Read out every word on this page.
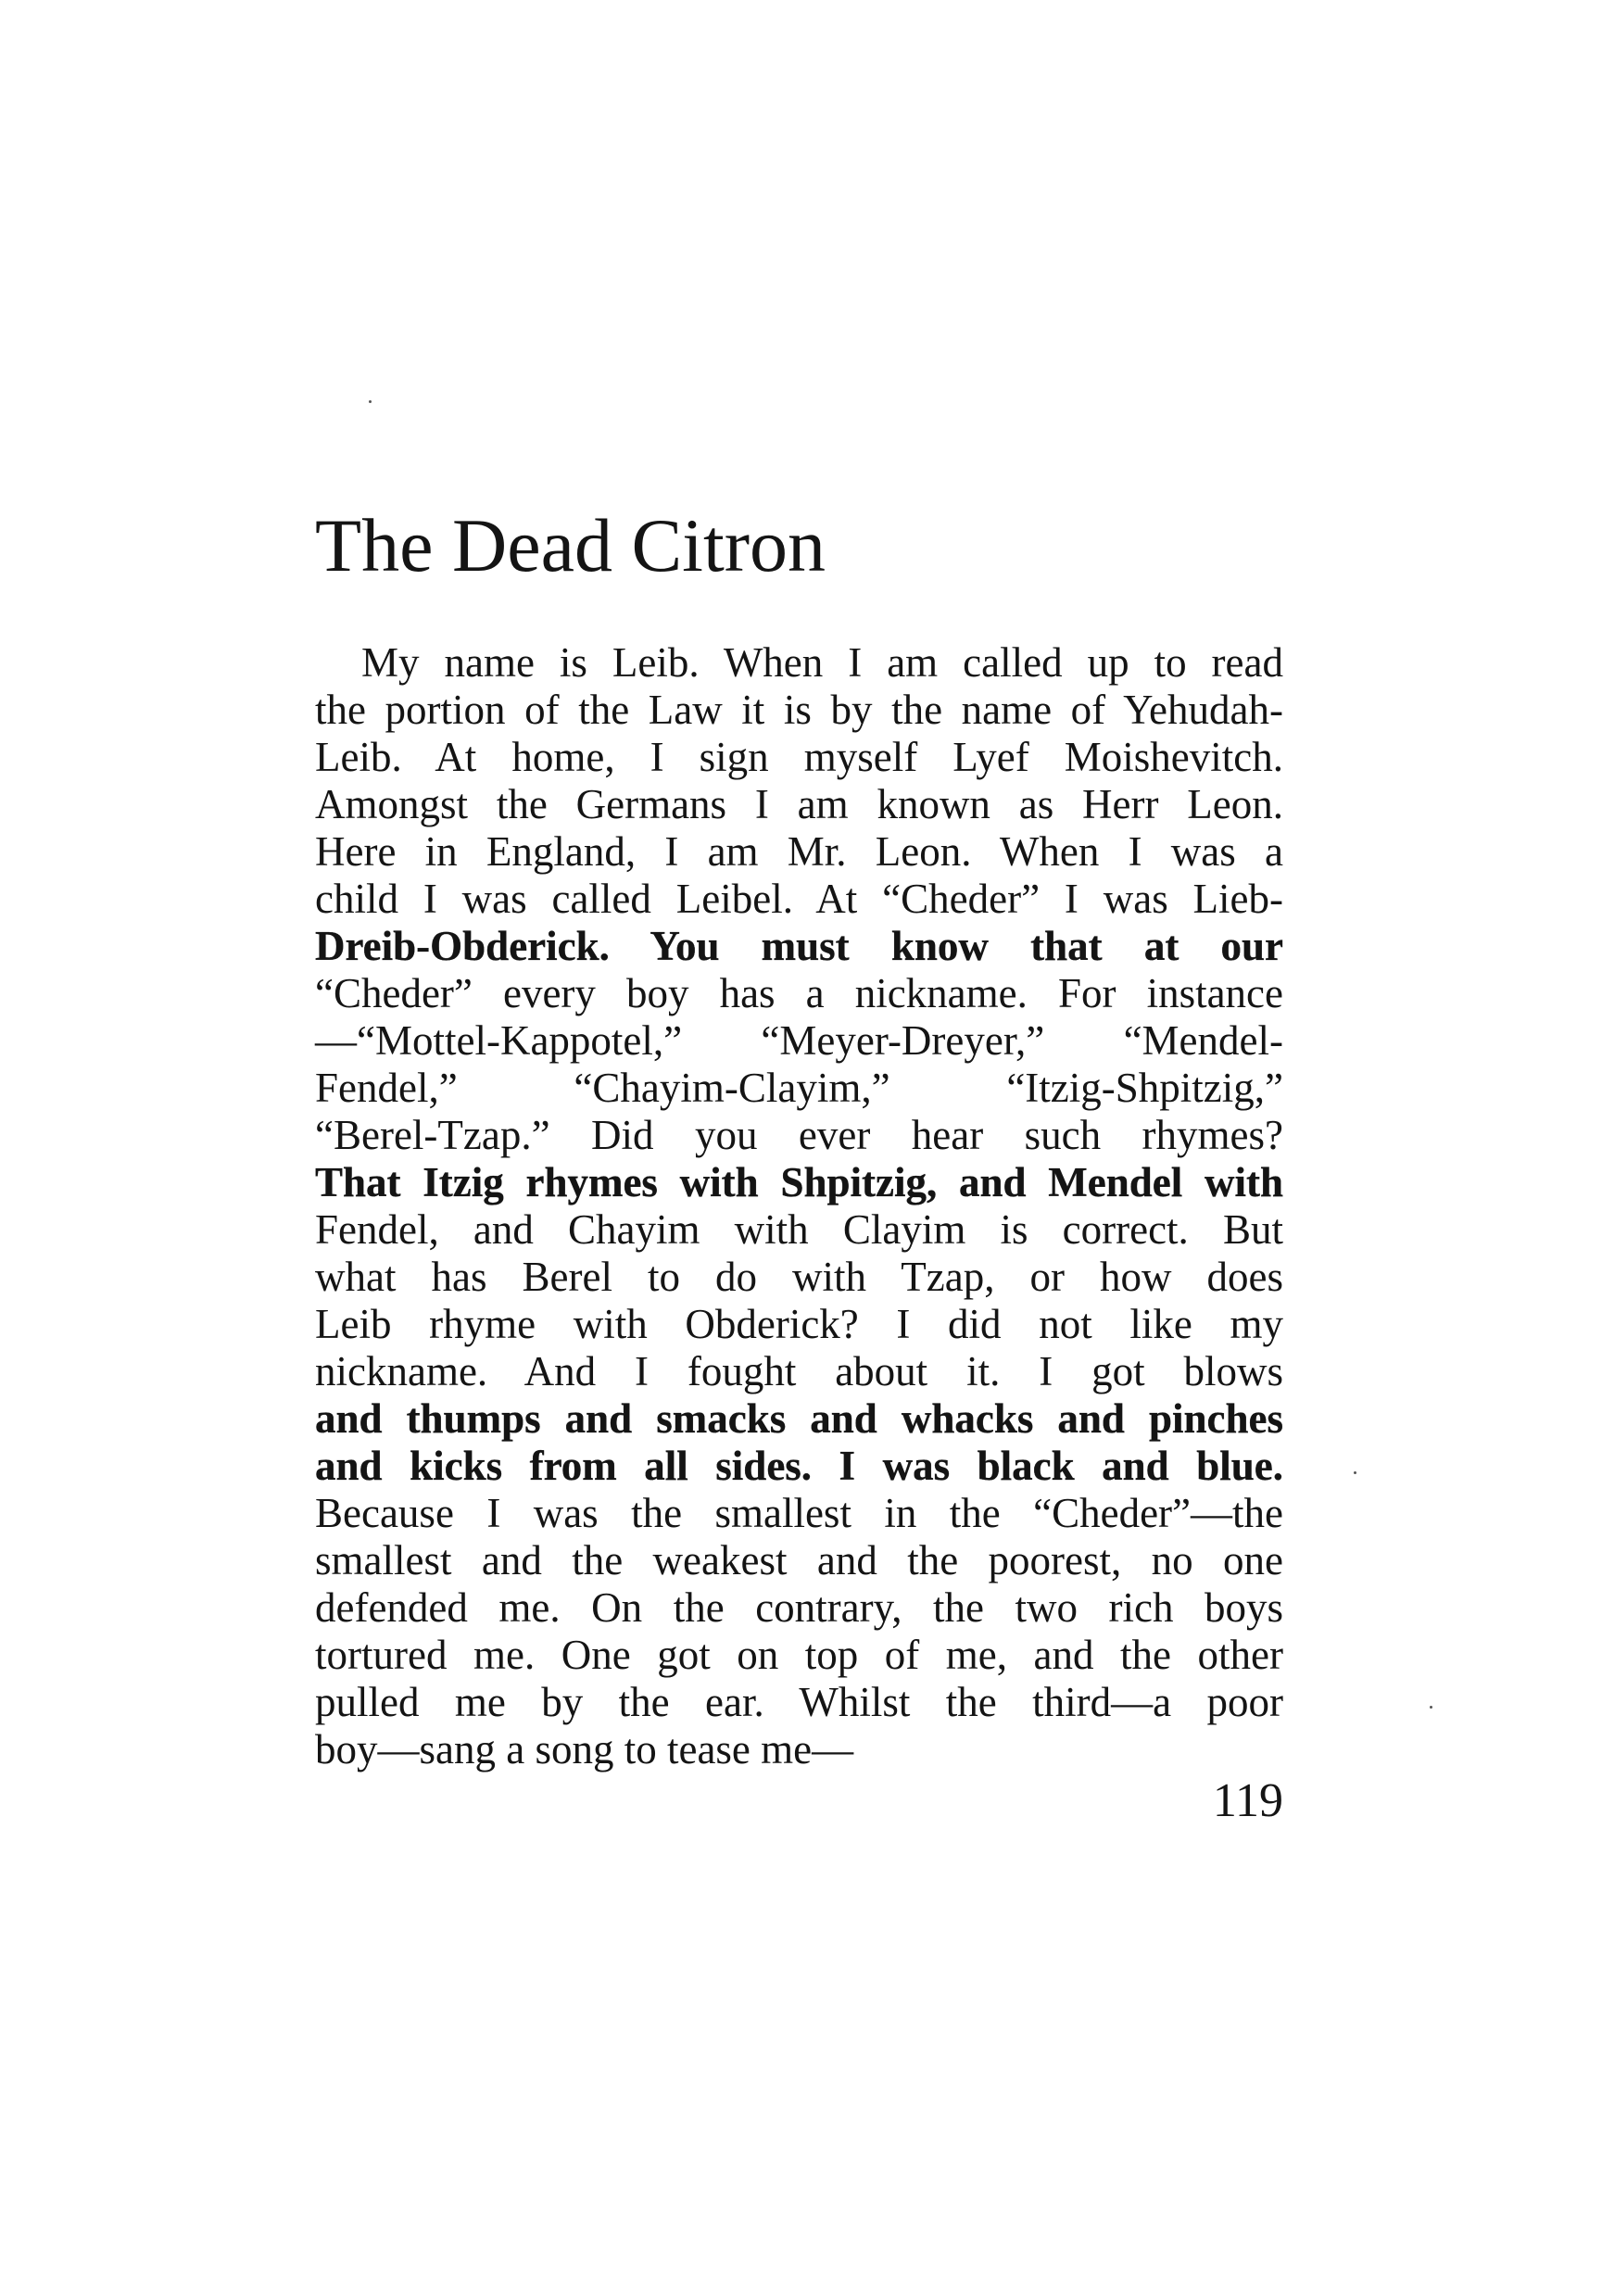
The Dead Citron
My name is Leib. When I am called up to read
the portion of the Law it is by the name of Yehudah-
Leib. At home, I sign myself Lyef Moishevitch.
Amongst the Germans I am known as Herr Leon.
Here in England, I am Mr. Leon. When I was a
child I was called Leibel. At “Cheder” I was Lieb-
Dreib-Obderick. You must know that at our
“Cheder” every boy has a nickname. For instance
—“Mottel-Kappotel,” “Meyer-Dreyer,” “Mendel-
Fendel,” “Chayim-Clayim,” “Itzig-Shpitzig,”
“Berel-Tzap.” Did you ever hear such rhymes?
That Itzig rhymes with Shpitzig, and Mendel with
Fendel, and Chayim with Clayim is correct. But
what has Berel to do with Tzap, or how does
Leib rhyme with Obderick? I did not like my
nickname. And I fought about it. I got blows
and thumps and smacks and whacks and pinches
and kicks from all sides. I was black and blue.
Because I was the smallest in the “Cheder”—the
smallest and the weakest and the poorest, no one
defended me. On the contrary, the two rich boys
tortured me. One got on top of me, and the other
pulled me by the ear. Whilst the third—a poor
boy—sang a song to tease me—
119
